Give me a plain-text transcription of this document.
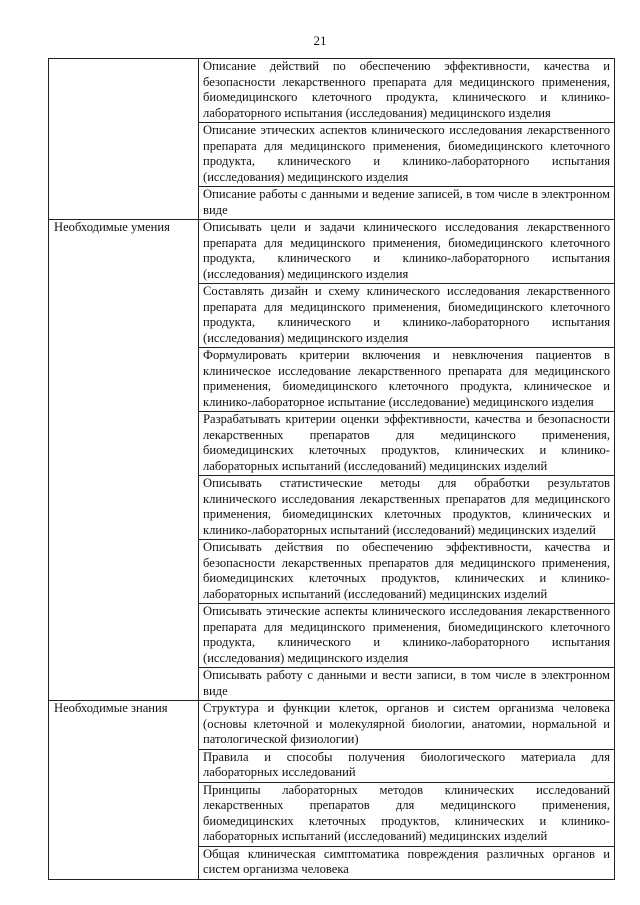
21
	Описание действий по обеспечению эффективности, качества и безопасности лекарственного препарата для медицинского применения, биомедицинского клеточного продукта, клинического и клинико-лабораторного испытания (исследования) медицинского изделия
	Описание этических аспектов клинического исследования лекарственного препарата для медицинского применения, биомедицинского клеточного продукта, клинического и клинико-лабораторного испытания (исследования) медицинского изделия
	Описание работы с данными и ведение записей, в том числе в электронном виде
Необходимые умения	Описывать цели и задачи клинического исследования лекарственного препарата для медицинского применения, биомедицинского клеточного продукта, клинического и клинико-лабораторного испытания (исследования) медицинского изделия
	Составлять дизайн и схему клинического исследования лекарственного препарата для медицинского применения, биомедицинского клеточного продукта, клинического и клинико-лабораторного испытания (исследования) медицинского изделия
	Формулировать критерии включения и невключения пациентов в клиническое исследование лекарственного препарата для медицинского применения, биомедицинского клеточного продукта, клиническое и клинико-лабораторное испытание (исследование) медицинского изделия
	Разрабатывать критерии оценки эффективности, качества и безопасности лекарственных препаратов для медицинского применения, биомедицинских клеточных продуктов, клинических и клинико-лабораторных испытаний (исследований) медицинских изделий
	Описывать статистические методы для обработки результатов клинического исследования лекарственных препаратов для медицинского применения, биомедицинских клеточных продуктов, клинических и клинико-лабораторных испытаний (исследований) медицинских изделий
	Описывать действия по обеспечению эффективности, качества и безопасности лекарственных препаратов для медицинского применения, биомедицинских клеточных продуктов, клинических и клинико-лабораторных испытаний (исследований) медицинских изделий
	Описывать этические аспекты клинического исследования лекарственного препарата для медицинского применения, биомедицинского клеточного продукта, клинического и клинико-лабораторного испытания (исследования) медицинского изделия
	Описывать работу с данными и вести записи, в том числе в электронном виде
Необходимые знания	Структура и функции клеток, органов и систем организма человека (основы клеточной и молекулярной биологии, анатомии, нормальной и патологической физиологии)
	Правила и способы получения биологического материала для лабораторных исследований
	Принципы лабораторных методов клинических исследований лекарственных препаратов для медицинского применения, биомедицинских клеточных продуктов, клинических и клинико-лабораторных испытаний (исследований) медицинских изделий
	Общая клиническая симптоматика повреждения различных органов и систем организма человека
